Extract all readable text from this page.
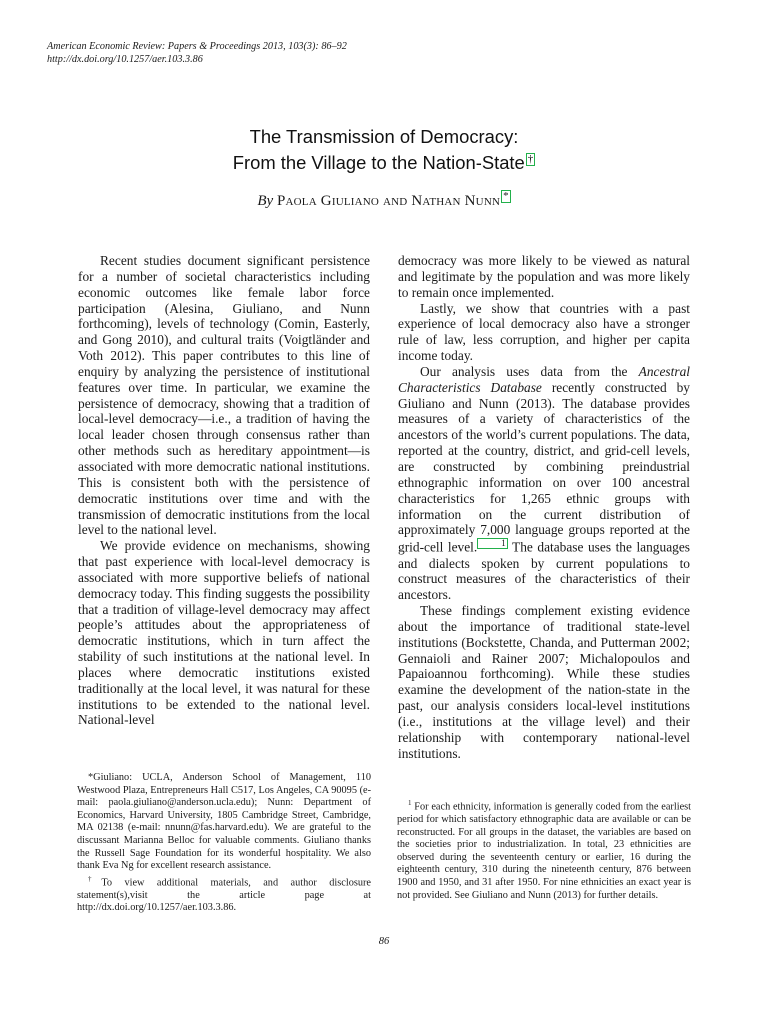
American Economic Review: Papers & Proceedings 2013, 103(3): 86–92
http://dx.doi.org/10.1257/aer.103.3.86
The Transmission of Democracy:
From the Village to the Nation-State †
By Paola Giuliano and Nathan Nunn *

Recent studies document significant persistence for a number of societal characteristics including economic outcomes like female labor force participation (Alesina, Giuliano, and Nunn forthcoming), levels of technology (Comin, Easterly, and Gong 2010), and cultural traits (Voigtländer and Voth 2012). This paper contributes to this line of enquiry by analyzing the persistence of institutional features over time. In particular, we examine the persistence of democracy, showing that a tradition of local-level democracy—i.e., a tradition of having the local leader chosen through consensus rather than other methods such as hereditary appointment—is associated with more democratic national institutions. This is consistent both with the persistence of democratic institutions over time and with the transmission of democratic institutions from the local level to the national level.

We provide evidence on mechanisms, showing that past experience with local-level democracy is associated with more supportive beliefs of national democracy today. This finding suggests the possibility that a tradition of village-level democracy may affect people’s attitudes about the appropriateness of democratic institutions, which in turn affect the stability of such institutions at the national level. In places where democratic institutions existed traditionally at the local level, it was natural for these institutions to be extended to the national level. National-level

democracy was more likely to be viewed as natural and legitimate by the population and was more likely to remain once implemented.

Lastly, we show that countries with a past experience of local democracy also have a stronger rule of law, less corruption, and higher per capita income today.

Our analysis uses data from the Ancestral Characteristics Database recently constructed by Giuliano and Nunn (2013). The database provides measures of a variety of characteristics of the ancestors of the world’s current populations. The data, reported at the country, district, and grid-cell levels, are constructed by combining preindustrial ethnographic information on over 100 ancestral characteristics for 1,265 ethnic groups with information on the current distribution of approximately 7,000 language groups reported at the grid-cell level.	1 The database uses the languages and dialects spoken by current populations to construct measures of the characteristics of their ancestors.

These findings complement existing evidence about the importance of traditional state-level institutions (Bockstette, Chanda, and Putterman 2002; Gennaioli and Rainer 2007; Michalopoulos and Papaioannou forthcoming). While these studies examine the development of the nation-state in the past, our analysis considers local-level institutions (i.e., institutions at the village level) and their relationship with contemporary national-level institutions.

*Giuliano: UCLA, Anderson School of Management, 110 Westwood Plaza, Entrepreneurs Hall C517, Los Angeles, CA 90095 (e-mail: paola.giuliano@anderson.ucla.edu); Nunn: Department of Economics, Harvard University, 1805 Cambridge Street, Cambridge, MA 02138 (e-mail: nnunn@fas.harvard.edu). We are grateful to the discussant Marianna Belloc for valuable comments. Giuliano thanks the Russell Sage Foundation for its wonderful hospitality. We also thank Eva Ng for excellent research assistance.

†To view additional materials, and author disclosure statement(s),visit the article page at http://dx.doi.org/10.1257/aer.103.3.86.

$^1$ For each ethnicity, information is generally coded from the earliest period for which satisfactory ethnographic data are available or can be reconstructed. For all groups in the dataset, the variables are based on the societies prior to industrialization. In total, 23 ethnicities are observed during the seventeenth century or earlier, 16 during the eighteenth century, 310 during the nineteenth century, 876 between 1900 and 1950, and 31 after 1950. For nine ethnicities an exact year is not provided. See Giuliano and Nunn (2013) for further details.

86
